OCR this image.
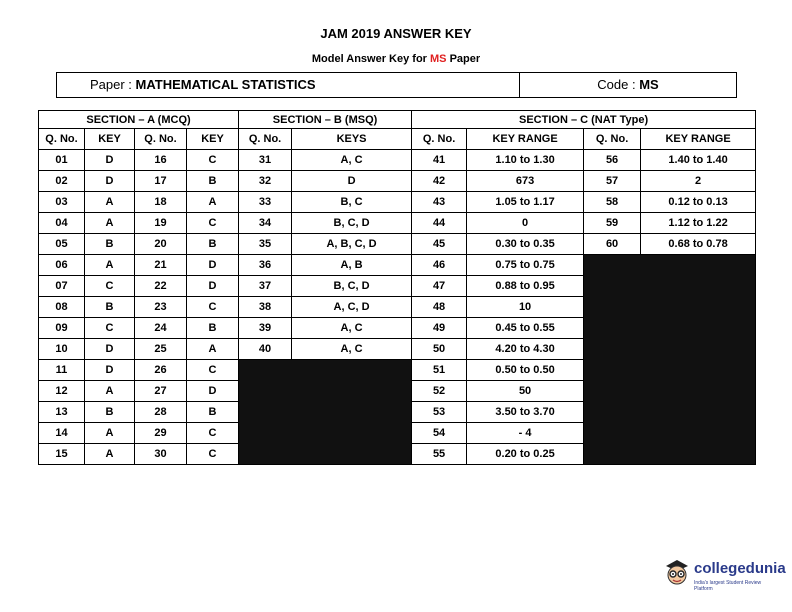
JAM 2019 ANSWER KEY
Model Answer Key for MS Paper
Paper : MATHEMATICAL STATISTICS	Code : MS
SECTION – A (MCQ)				SECTION – B (MSQ)		SECTION – C (NAT Type)			
Q. No.	KEY	Q. No.	KEY	Q. No.	KEYS	Q. No.	KEY RANGE	Q. No.	KEY RANGE
01	D	16	C	31	A, C	41	1.10 to 1.30	56	1.40 to 1.40
02	D	17	B	32	D	42	673	57	2
03	A	18	A	33	B, C	43	1.05 to 1.17	58	0.12 to 0.13
04	A	19	C	34	B, C, D	44	0	59	1.12 to 1.22
05	B	20	B	35	A, B, C, D	45	0.30 to 0.35	60	0.68 to 0.78
06	A	21	D	36	A, B	46	0.75 to 0.75		
07	C	22	D	37	B, C, D	47	0.88 to 0.95		
08	B	23	C	38	A, C, D	48	10		
09	C	24	B	39	A, C	49	0.45 to 0.55		
10	D	25	A	40	A, C	50	4.20 to 4.30		
11	D	26	C			51	0.50 to 0.50		
12	A	27	D			52	50		
13	B	28	B			53	3.50 to 3.70		
14	A	29	C			54	- 4		
15	A	30	C			55	0.20 to 0.25		
collegedunia
India's largest Student Review Platform
